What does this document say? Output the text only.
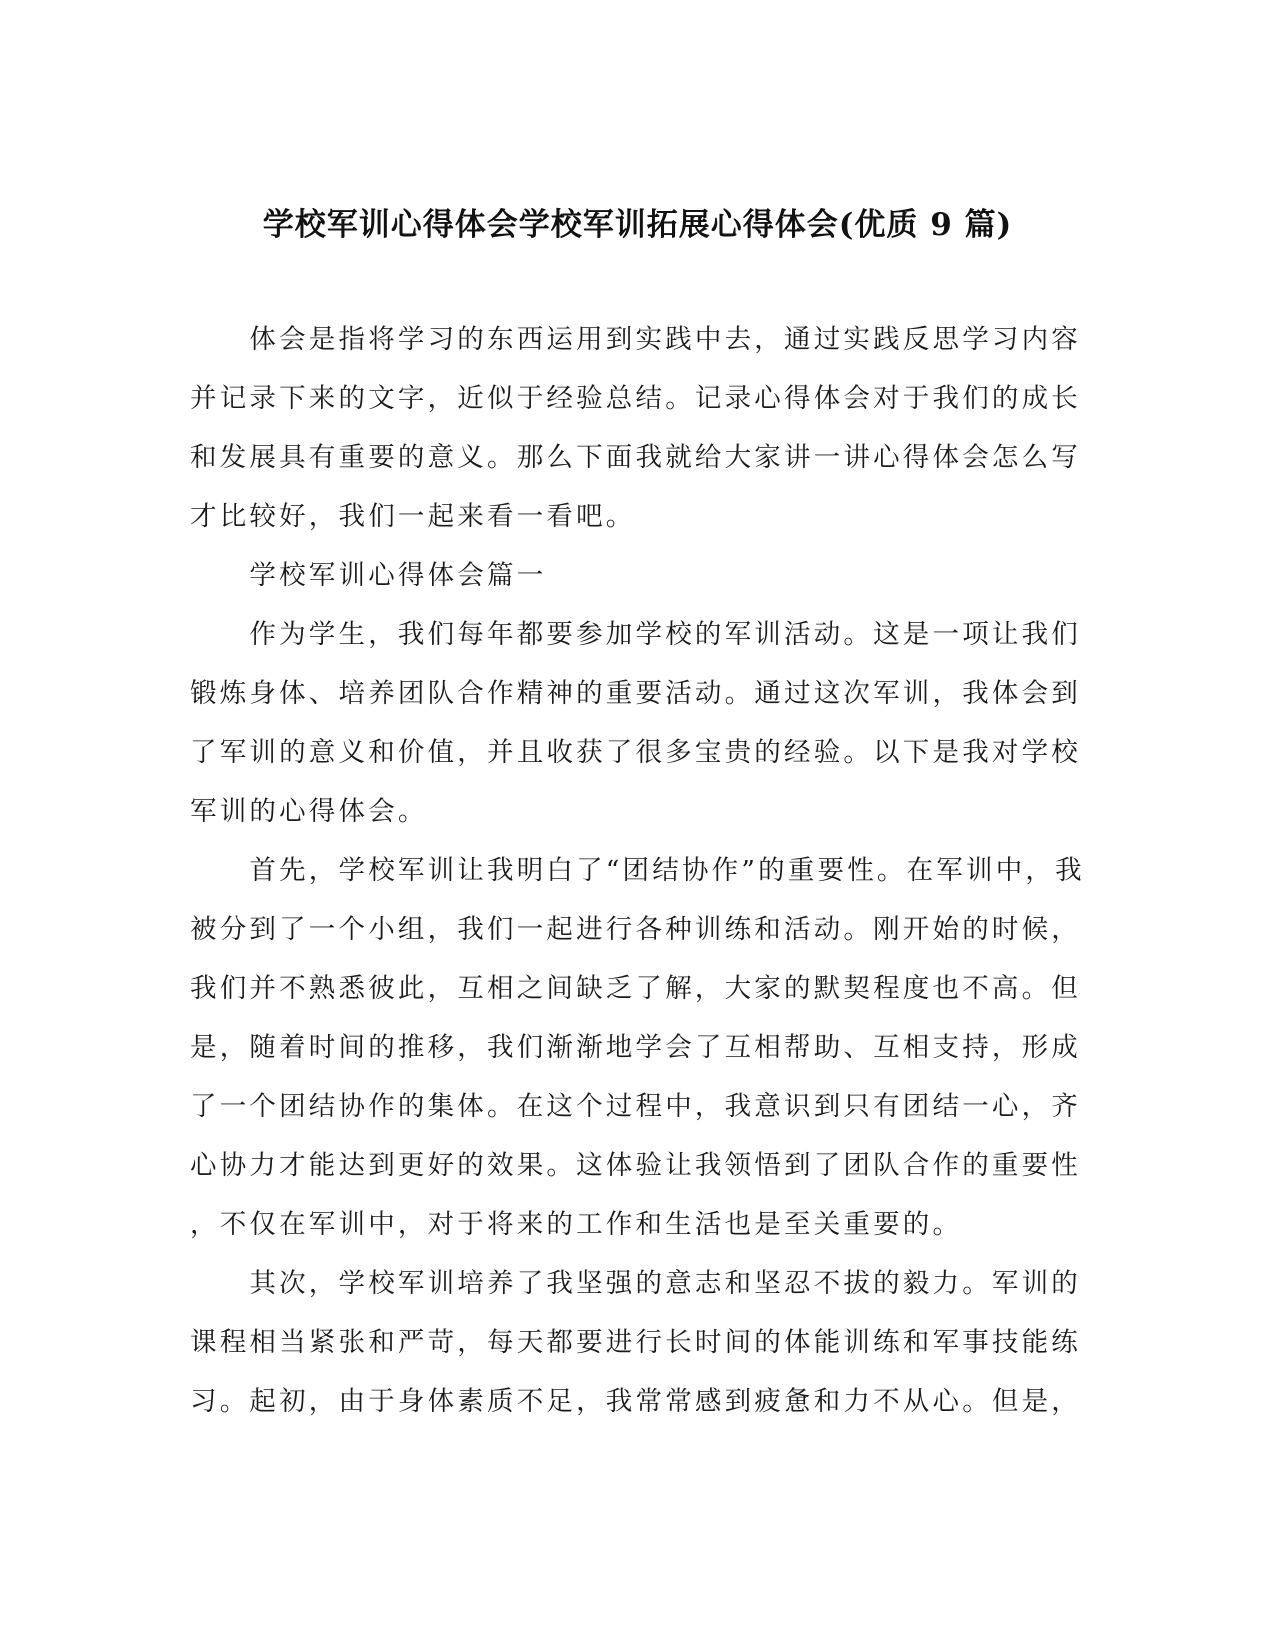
学校军训心得体会学校军训拓展心得体会(优质 9 篇)
　　体会是指将学习的东西运用到实践中去，通过实践反思学习内容
并记录下来的文字，近似于经验总结。记录心得体会对于我们的成长
和发展具有重要的意义。那么下面我就给大家讲一讲心得体会怎么写
才比较好，我们一起来看一看吧。
　　学校军训心得体会篇一
　　作为学生，我们每年都要参加学校的军训活动。这是一项让我们
锻炼身体、培养团队合作精神的重要活动。通过这次军训，我体会到
了军训的意义和价值，并且收获了很多宝贵的经验。以下是我对学校
军训的心得体会。
　　首先，学校军训让我明白了“团结协作”的重要性。在军训中，我
被分到了一个小组，我们一起进行各种训练和活动。刚开始的时候，
我们并不熟悉彼此，互相之间缺乏了解，大家的默契程度也不高。但
是，随着时间的推移，我们渐渐地学会了互相帮助、互相支持，形成
了一个团结协作的集体。在这个过程中，我意识到只有团结一心，齐
心协力才能达到更好的效果。这体验让我领悟到了团队合作的重要性
，不仅在军训中，对于将来的工作和生活也是至关重要的。
　　其次，学校军训培养了我坚强的意志和坚忍不拔的毅力。军训的
课程相当紧张和严苛，每天都要进行长时间的体能训练和军事技能练
习。起初，由于身体素质不足，我常常感到疲惫和力不从心。但是，
